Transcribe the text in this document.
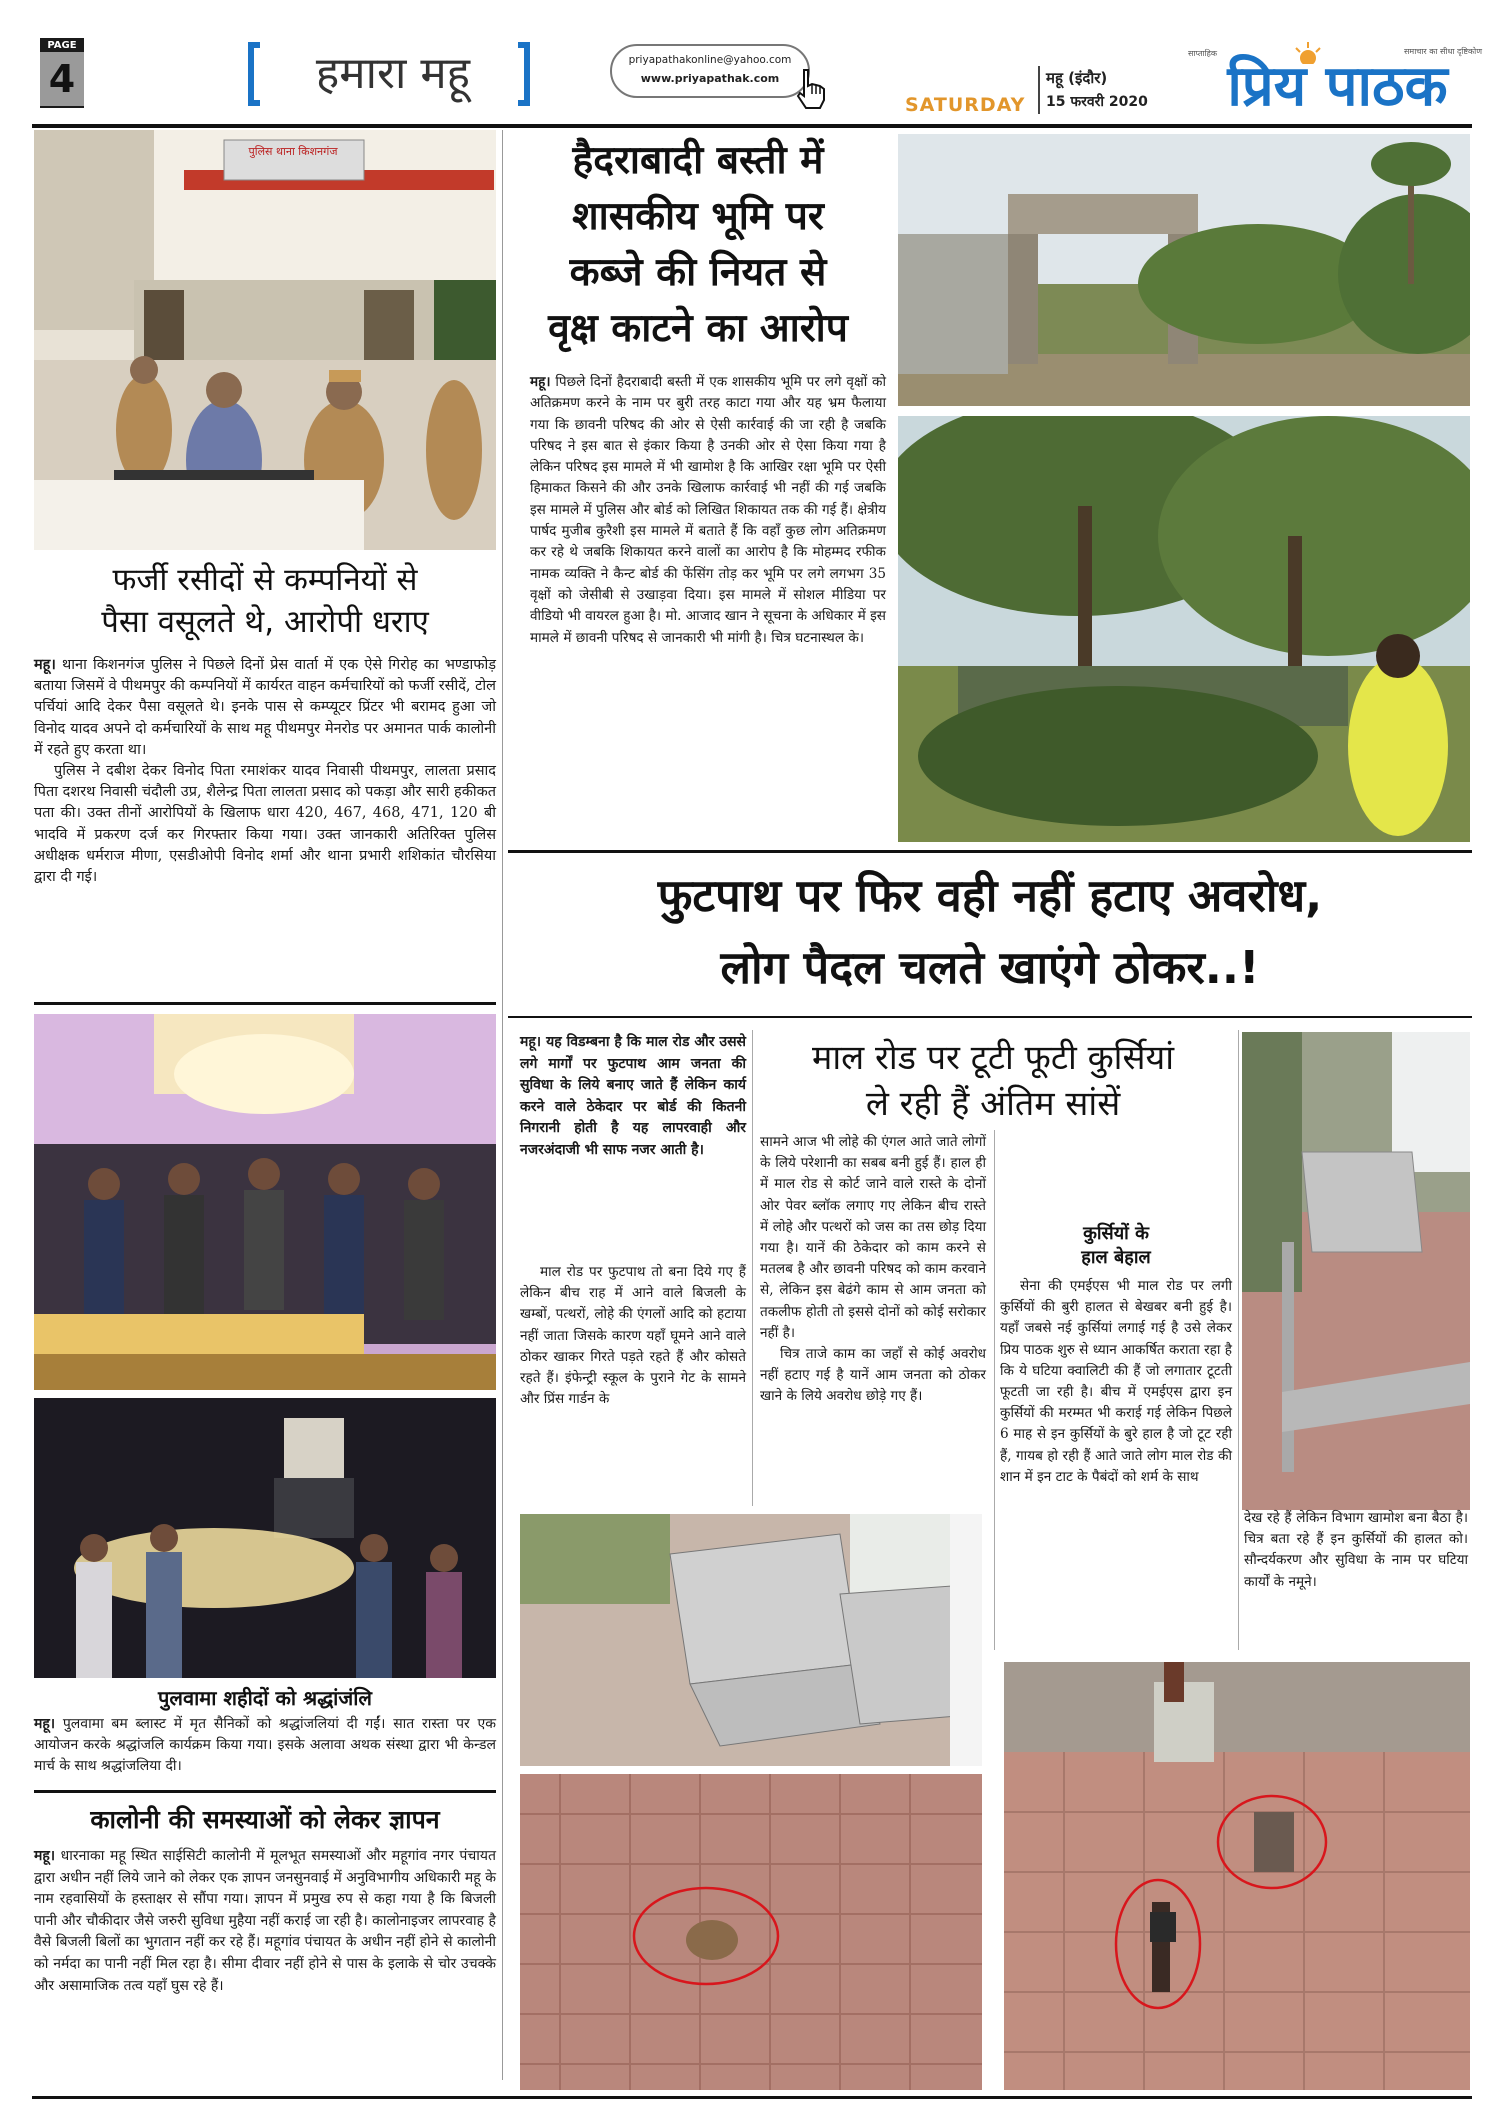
PAGE
4	हमारा महू	priyapathakonline@yahoo.com
www.priyapathak.com
SATURDAY
महू (इंदौर)
15 फरवरी 2020
साप्ताहिक	समाचार का सीधा दृष्टिकोण
प्रिय पाठक
पुलिस थाना किशनगंज
फर्जी रसीदों से कम्पनियों से
पैसा वसूलते थे, आरोपी धराए

महू। थाना किशनगंज पुलिस ने पिछले दिनों प्रेस वार्ता में एक ऐसे गिरोह का भण्डाफोड़ बताया जिसमें वे पीथमपुर की कम्पनियों में कार्यरत वाहन कर्मचारियों को फर्जी रसीदें, टोल पर्चियां आदि देकर पैसा वसूलते थे। इनके पास से कम्प्यूटर प्रिंटर भी बरामद हुआ जो विनोद यादव अपने दो कर्मचारियों के साथ महू पीथमपुर मेनरोड पर अमानत पार्क कालोनी में रहते हुए करता था।

पुलिस ने दबीश देकर विनोद पिता रमाशंकर यादव निवासी पीथमपुर, लालता प्रसाद पिता दशरथ निवासी चंदौली उप्र, शैलेन्द्र पिता लालता प्रसाद को पकड़ा और सारी हकीकत पता की। उक्त तीनों आरोपियों के खिलाफ धारा 420, 467, 468, 471, 120 बी भादवि में प्रकरण दर्ज कर गिरफ्तार किया गया। उक्त जानकारी अतिरिक्त पुलिस अधीक्षक धर्मराज मीणा, एसडीओपी विनोद शर्मा और थाना प्रभारी शशिकांत चौरसिया द्वारा दी गई।

हैदराबादी बस्ती में
शासकीय भूमि पर
कब्जे की नियत से
वृक्ष काटने का आरोप

महू। पिछले दिनों हैदराबादी बस्ती में एक शासकीय भूमि पर लगे वृक्षों को अतिक्रमण करने के नाम पर बुरी तरह काटा गया और यह भ्रम फैलाया गया कि छावनी परिषद की ओर से ऐसी कार्रवाई की जा रही है जबकि परिषद ने इस बात से इंकार किया है उनकी ओर से ऐसा किया गया है लेकिन परिषद इस मामले में भी खामोश है कि आखिर रक्षा भूमि पर ऐसी हिमाकत किसने की और उनके खिलाफ कार्रवाई भी नहीं की गई जबकि इस मामले में पुलिस और बोर्ड को लिखित शिकायत तक की गई हैं। क्षेत्रीय पार्षद मुजीब कुरैशी इस मामले में बताते हैं कि वहाँ कुछ लोग अतिक्रमण कर रहे थे जबकि शिकायत करने वालों का आरोप है कि मोहम्मद रफीक नामक व्यक्ति ने कैन्ट बोर्ड की फेंसिंग तोड़ कर भूमि पर लगे लगभग 35 वृक्षों को जेसीबी से उखाड़वा दिया। इस मामले में सोशल मीडिया पर वीडियो भी वायरल हुआ है। मो. आजाद खान ने सूचना के अधिकार में इस मामले में छावनी परिषद से जानकारी भी मांगी है। चित्र घटनास्थल के।

फुटपाथ पर फिर वही नहीं हटाए अवरोध,
लोग पैदल चलते खाएंगे ठोकर..!
पुलवामा शहीदों को श्रद्धांजंलि

महू। पुलवामा बम ब्लास्ट में मृत सैनिकों को श्रद्धांजलियां दी गईं। सात रास्ता पर एक आयोजन करके श्रद्धांजलि कार्यक्रम किया गया। इसके अलावा अथक संस्था द्वारा भी केन्डल मार्च के साथ श्रद्धांजलिया दी।

कालोनी की समस्याओं को लेकर ज्ञापन

महू। धारनाका महू स्थित साईसिटी कालोनी में मूलभूत समस्याओं और महूगांव नगर पंचायत द्वारा अधीन नहीं लिये जाने को लेकर एक ज्ञापन जनसुनवाई में अनुविभागीय अधिकारी महू के नाम रहवासियों के हस्ताक्षर से सौंपा गया। ज्ञापन में प्रमुख रुप से कहा गया है कि बिजली पानी और चौकीदार जैसे जरुरी सुविधा मुहैया नहीं कराई जा रही है। कालोनाइजर लापरवाह है वैसे बिजली बिलों का भुगतान नहीं कर रहे हैं। महूगांव पंचायत के अधीन नहीं होने से कालोनी को नर्मदा का पानी नहीं मिल रहा है। सीमा दीवार नहीं होने से पास के इलाके से चोर उचक्के और असामाजिक तत्व यहाँ घुस रहे हैं।

महू। यह विडम्बना है कि माल रोड और उससे लगे मार्गों पर फुटपाथ आम जनता की सुविधा के लिये बनाए जाते हैं लेकिन कार्य करने वाले ठेकेदार पर बोर्ड की कितनी निगरानी होती है यह लापरवाही और नजरअंदाजी भी साफ नजर आती है।

माल रोड पर फुटपाथ तो बना दिये गए हैं लेकिन बीच राह में आने वाले बिजली के खम्बों, पत्थरों, लोहे की एंगलों आदि को हटाया नहीं जाता जिसके कारण यहाँ घूमने आने वाले ठोकर खाकर गिरते पड़ते रहते हैं और कोसते रहते हैं। इंफेन्ट्री स्कूल के पुराने गेट के सामने और प्रिंस गार्डन के

माल रोड पर टूटी फूटी कुर्सियां
ले रही हैं अंतिम सांसें

सामने आज भी लोहे की एंगल आते जाते लोगों के लिये परेशानी का सबब बनी हुई हैं। हाल ही में माल रोड से कोर्ट जाने वाले रास्ते के दोनों ओर पेवर ब्लॉक लगाए गए लेकिन बीच रास्ते में लोहे और पत्थरों को जस का तस छोड़ दिया गया है। यानें की ठेकेदार को काम करने से मतलब है और छावनी परिषद को काम करवाने से, लेकिन इस बेढंगे काम से आम जनता को तकलीफ होती तो इससे दोनों को कोई सरोकार नहीं है।

चित्र ताजे काम का जहाँ से कोई अवरोध नहीं हटाए गई है यानें आम जनता को ठोकर खाने के लिये अवरोध छोड़े गए हैं।

कुर्सियों के
हाल बेहाल

सेना की एमईएस भी माल रोड पर लगी कुर्सियों की बुरी हालत से बेखबर बनी हुई है। यहाँ जबसे नई कुर्सियां लगाई गई है उसे लेकर प्रिय पाठक शुरु से ध्यान आकर्षित कराता रहा है कि ये घटिया क्वालिटी की हैं जो लगातार टूटती फूटती जा रही है। बीच में एमईएस द्वारा इन कुर्सियों की मरम्मत भी कराई गई लेकिन पिछले 6 माह से इन कुर्सियों के बुरे हाल है जो टूट रही हैं, गायब हो रही हैं आते जाते लोग माल रोड की शान में इन टाट के पैबंदों को शर्म के साथ

देख रहे हैं लेकिन विभाग खामोश बना बैठा है। चित्र बता रहे हैं इन कुर्सियों की हालत को। सौन्दर्यकरण और सुविधा के नाम पर घटिया कार्यों के नमूने।
